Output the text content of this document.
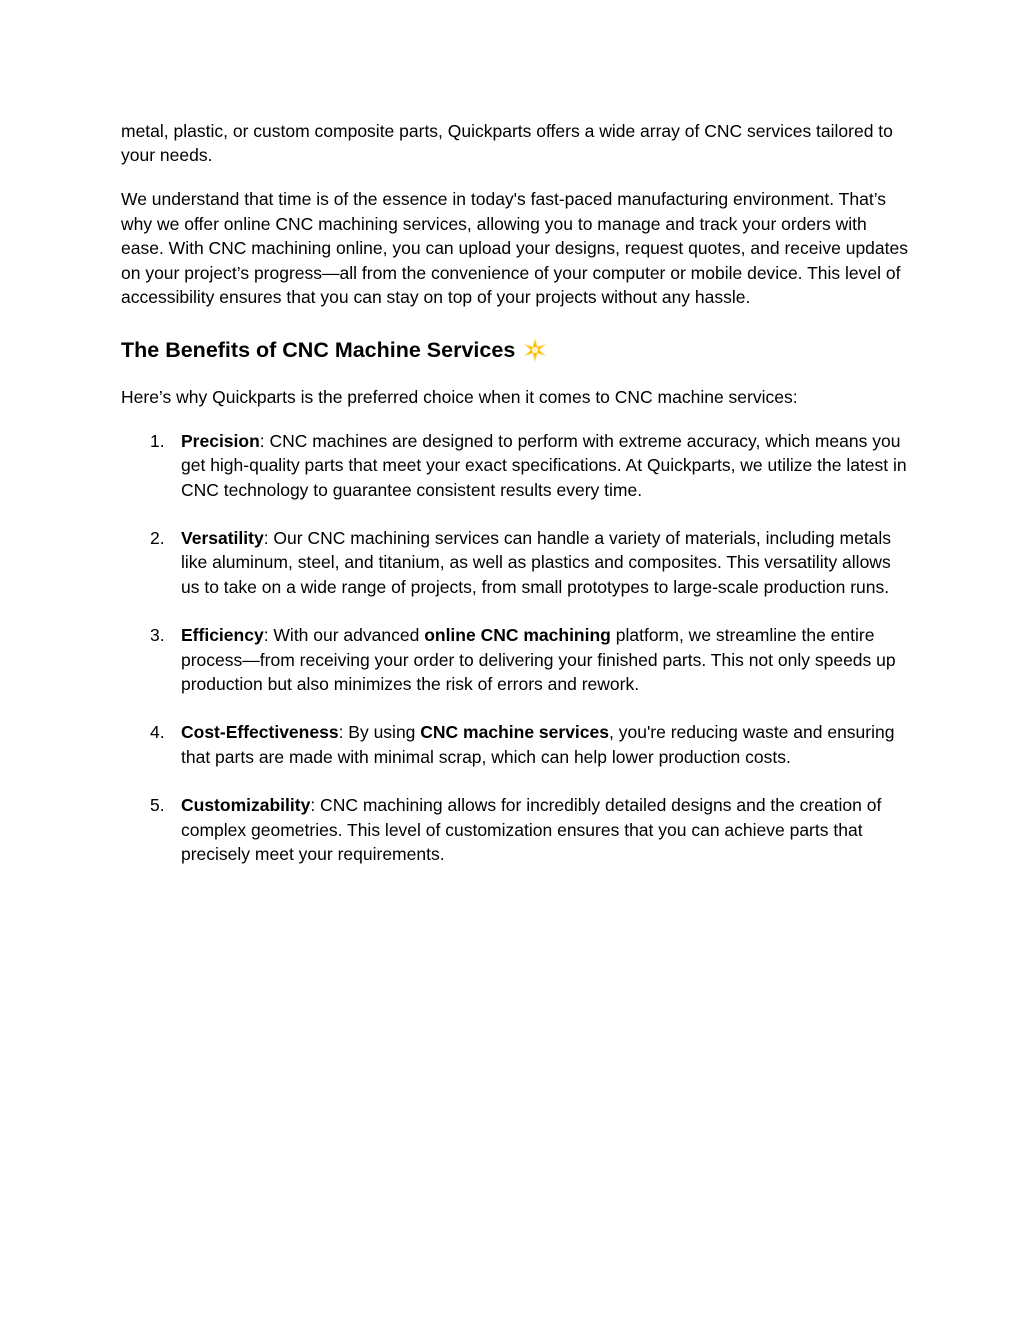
metal, plastic, or custom composite parts, Quickparts offers a wide array of CNC services tailored to your needs.

We understand that time is of the essence in today's fast-paced manufacturing environment. That’s why we offer online CNC machining services, allowing you to manage and track your orders with ease. With CNC machining online, you can upload your designs, request quotes, and receive updates on your project’s progress—all from the convenience of your computer or mobile device. This level of accessibility ensures that you can stay on top of your projects without any hassle.

The Benefits of CNC Machine Services

Here’s why Quickparts is the preferred choice when it comes to CNC machine services:

1. Precision: CNC machines are designed to perform with extreme accuracy, which means you get high-quality parts that meet your exact specifications. At Quickparts, we utilize the latest in CNC technology to guarantee consistent results every time.
2. Versatility: Our CNC machining services can handle a variety of materials, including metals like aluminum, steel, and titanium, as well as plastics and composites. This versatility allows us to take on a wide range of projects, from small prototypes to large-scale production runs.
3. Efficiency: With our advanced online CNC machining platform, we streamline the entire process—from receiving your order to delivering your finished parts. This not only speeds up production but also minimizes the risk of errors and rework.
4. Cost-Effectiveness: By using CNC machine services, you're reducing waste and ensuring that parts are made with minimal scrap, which can help lower production costs.
5. Customizability: CNC machining allows for incredibly detailed designs and the creation of complex geometries. This level of customization ensures that you can achieve parts that precisely meet your requirements.
